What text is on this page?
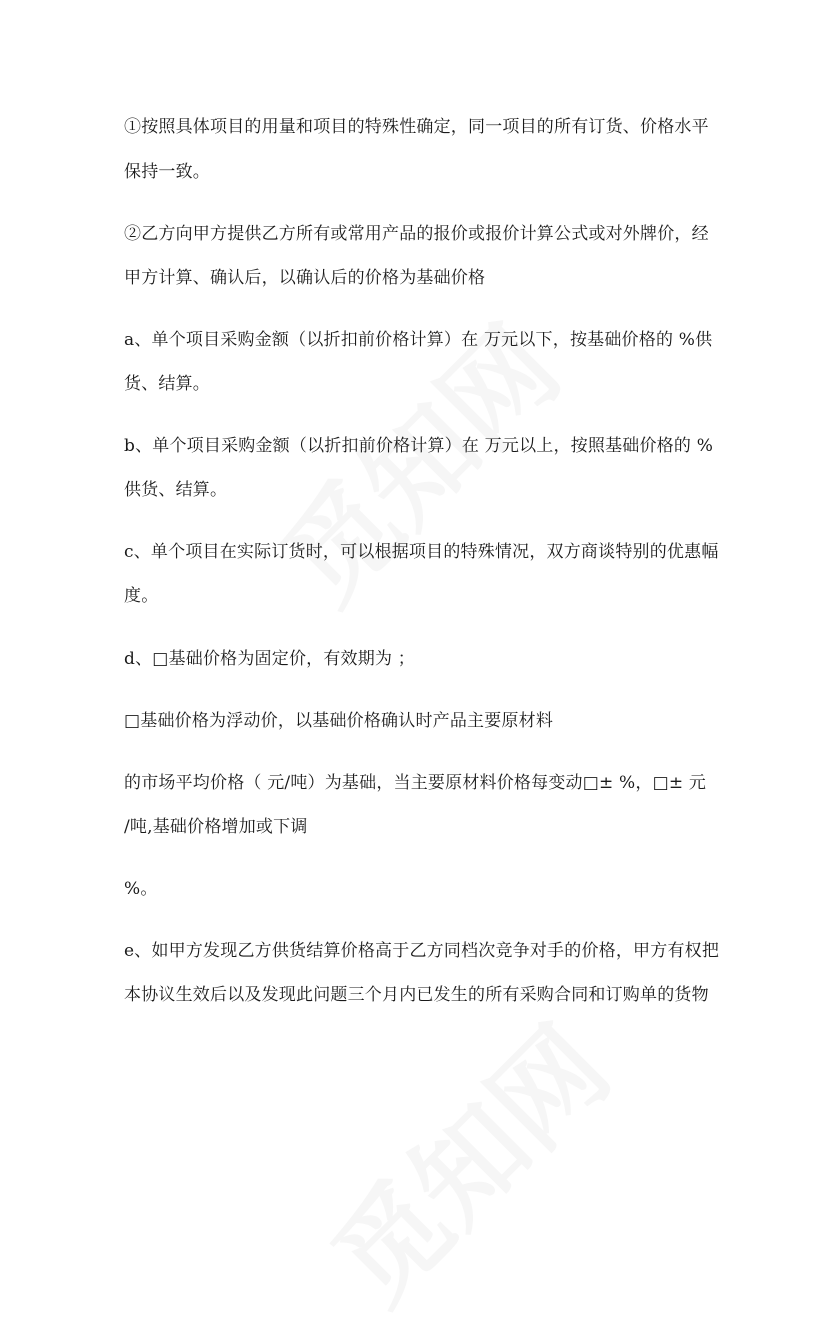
①按照具体项目的用量和项目的特殊性确定，同一项目的所有订货、价格水平
保持一致。
②乙方向甲方提供乙方所有或常用产品的报价或报价计算公式或对外牌价，经
甲方计算、确认后，以确认后的价格为基础价格
a、单个项目采购金额（以折扣前价格计算）在 万元以下，按基础价格的 %供
货、结算。
b、单个项目采购金额（以折扣前价格计算）在 万元以上，按照基础价格的 %
供货、结算。
c、单个项目在实际订货时，可以根据项目的特殊情况，双方商谈特别的优惠幅
度。
d、□基础价格为固定价，有效期为 ；
□基础价格为浮动价，以基础价格确认时产品主要原材料
的市场平均价格（ 元/吨）为基础，当主要原材料价格每变动□± %，□± 元
/吨,基础价格增加或下调
%。
e、如甲方发现乙方供货结算价格高于乙方同档次竞争对手的价格，甲方有权把
本协议生效后以及发现此问题三个月内已发生的所有采购合同和订购单的货物
